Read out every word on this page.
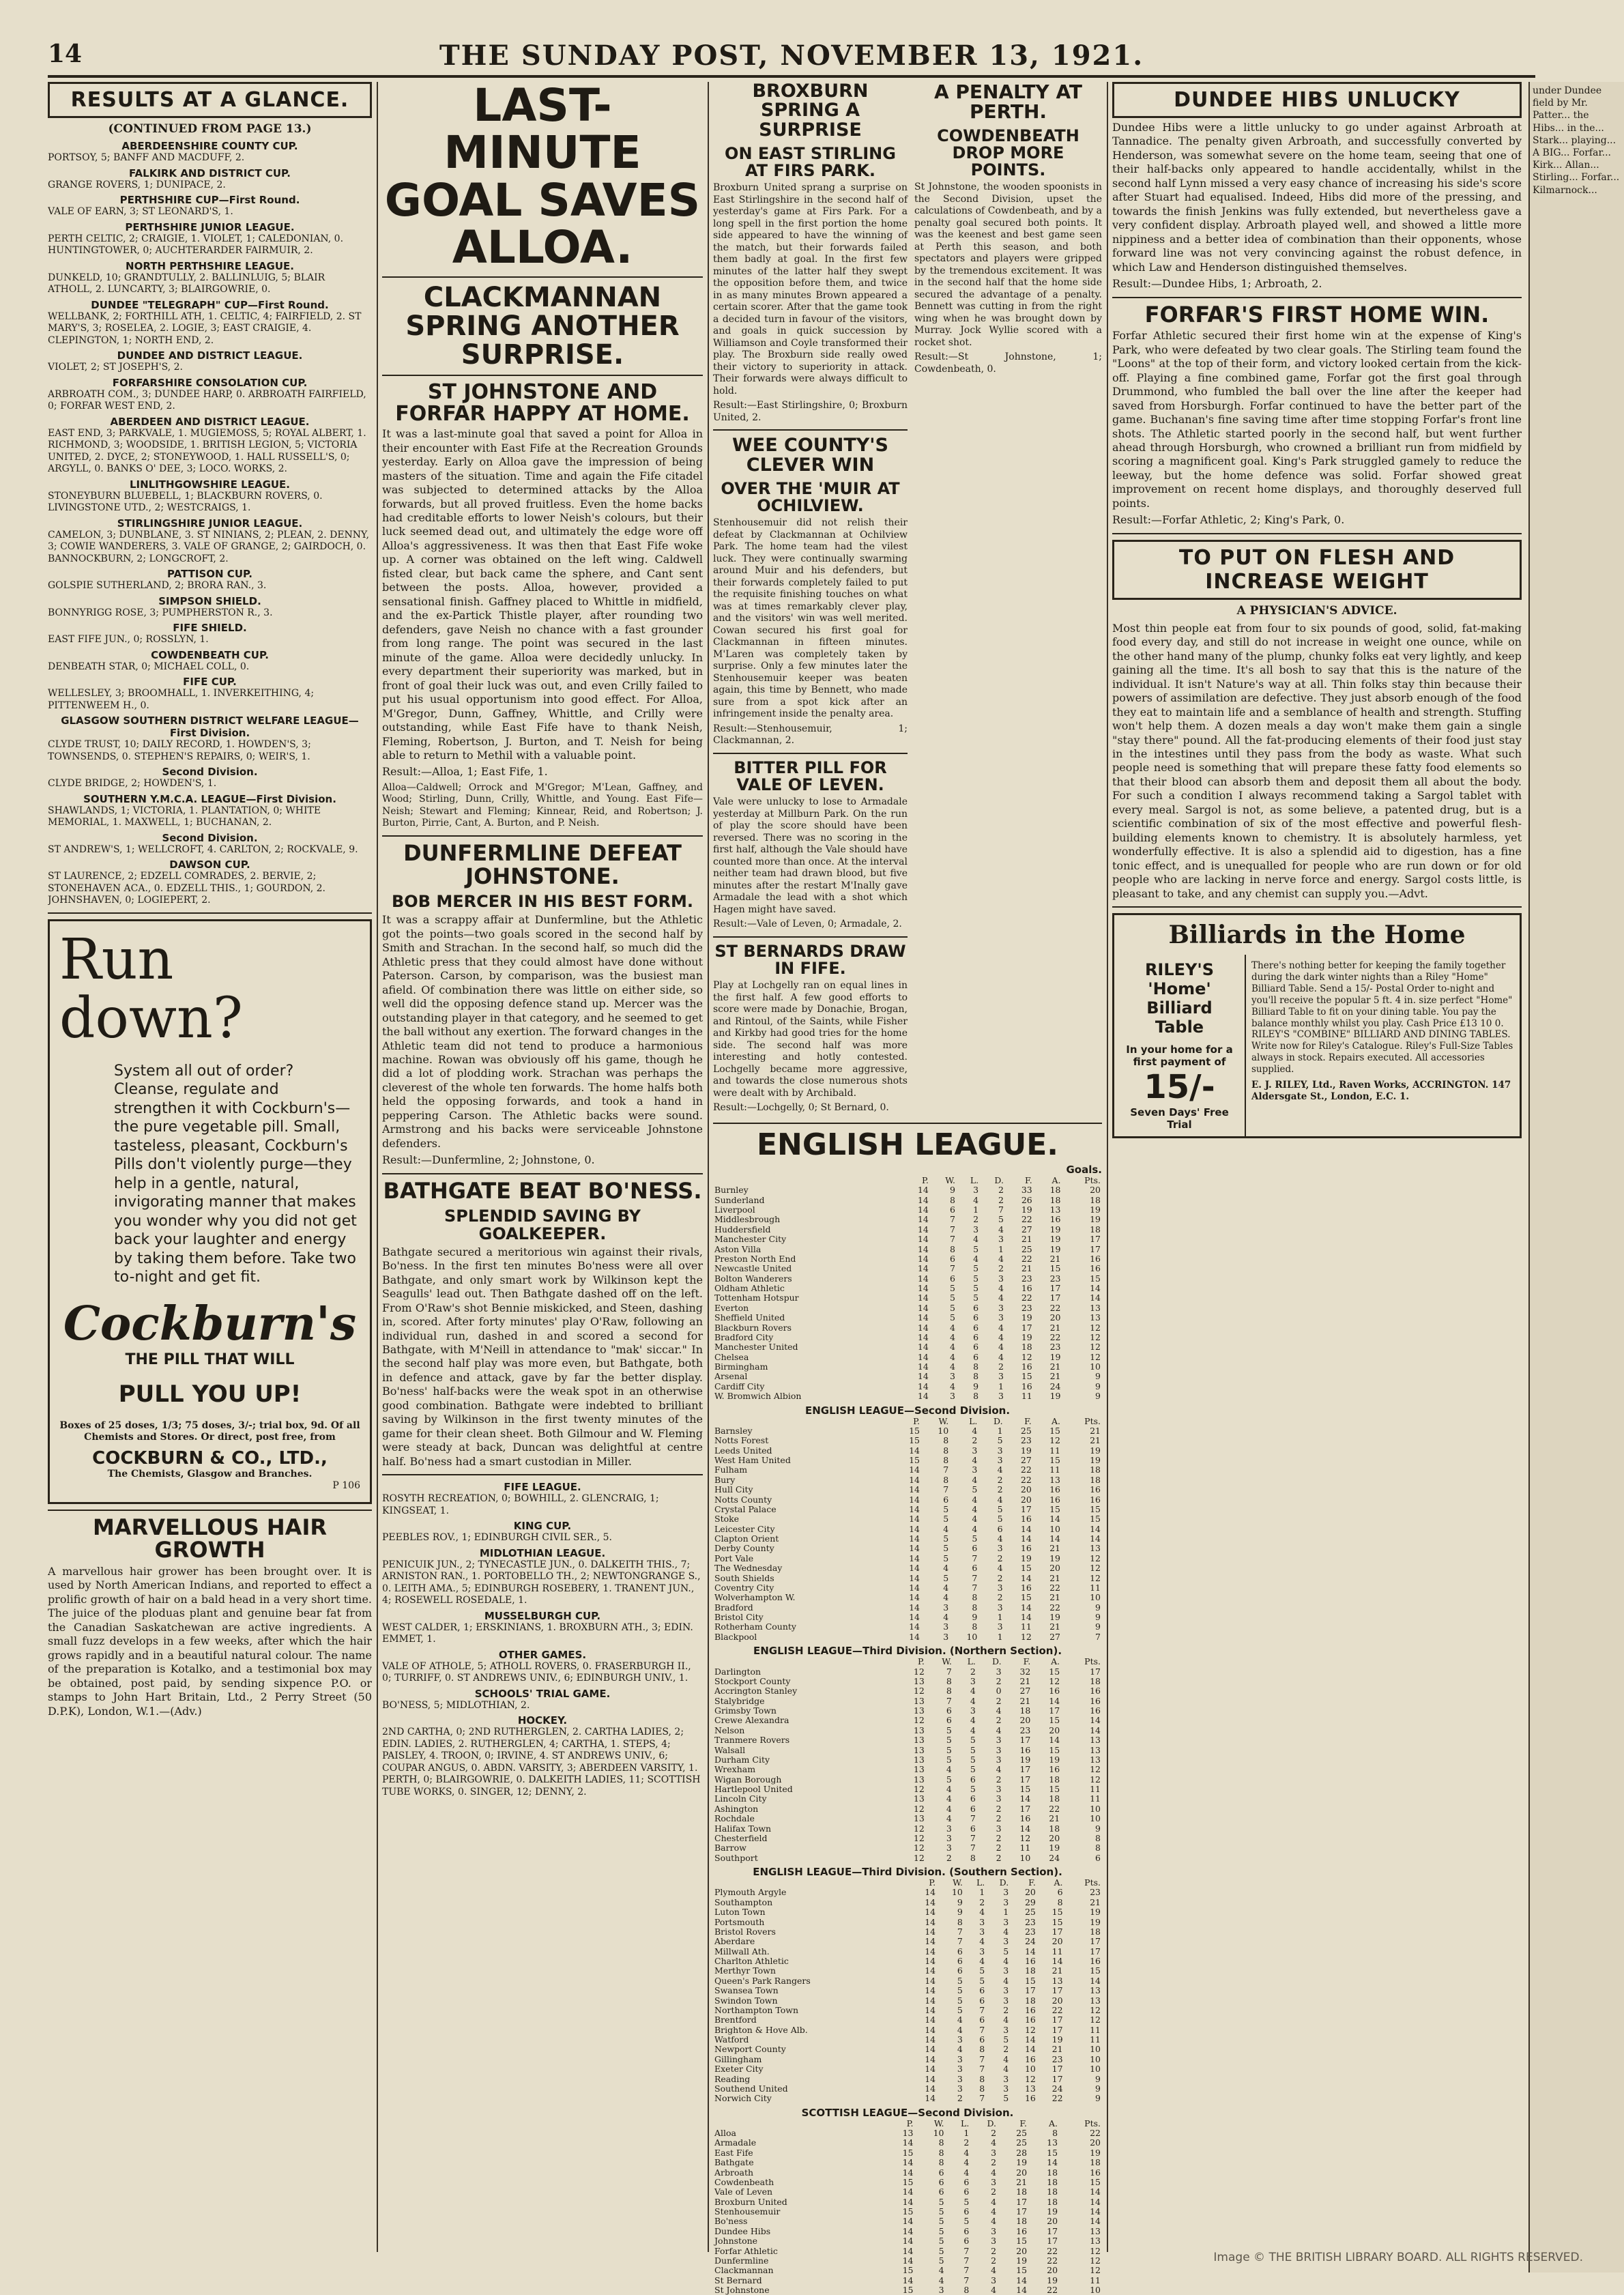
14	THE SUNDAY POST, NOVEMBER 13, 1921.
RESULTS AT A GLANCE.
(CONTINUED FROM PAGE 13.)
ABERDEENSHIRE COUNTY CUP.
PORTSOY, 5; BANFF AND MACDUFF, 2.
FALKIRK AND DISTRICT CUP.
GRANGE ROVERS, 1; DUNIPACE, 2.
PERTHSHIRE CUP—First Round.
VALE OF EARN, 3; ST LEONARD'S, 1.
PERTHSHIRE JUNIOR LEAGUE.
PERTH CELTIC, 2; CRAIGIE, 1. VIOLET, 1; CALEDONIAN, 0. HUNTINGTOWER, 0; AUCHTERARDER FAIRMUIR, 2.
NORTH PERTHSHIRE LEAGUE.
DUNKELD, 10; GRANDTULLY, 2. BALLINLUIG, 5; BLAIR ATHOLL, 2. LUNCARTY, 3; BLAIRGOWRIE, 0.
DUNDEE "TELEGRAPH" CUP—First Round.
WELLBANK, 2; FORTHILL ATH, 1. CELTIC, 4; FAIRFIELD, 2. ST MARY'S, 3; ROSELEA, 2. LOGIE, 3; EAST CRAIGIE, 4. CLEPINGTON, 1; NORTH END, 2.
DUNDEE AND DISTRICT LEAGUE.
VIOLET, 2; ST JOSEPH'S, 2.
FORFARSHIRE CONSOLATION CUP.
ARBROATH COM., 3; DUNDEE HARP, 0. ARBROATH FAIRFIELD, 0; FORFAR WEST END, 2.
ABERDEEN AND DISTRICT LEAGUE.
EAST END, 3; PARKVALE, 1. MUGIEMOSS, 5; ROYAL ALBERT, 1. RICHMOND, 3; WOODSIDE, 1. BRITISH LEGION, 5; VICTORIA UNITED, 2. DYCE, 2; STONEYWOOD, 1. HALL RUSSELL'S, 0; ARGYLL, 0. BANKS O' DEE, 3; LOCO. WORKS, 2.
LINLITHGOWSHIRE LEAGUE.
STONEYBURN BLUEBELL, 1; BLACKBURN ROVERS, 0. LIVINGSTONE UTD., 2; WESTCRAIGS, 1.
STIRLINGSHIRE JUNIOR LEAGUE.
CAMELON, 3; DUNBLANE, 3. ST NINIANS, 2; PLEAN, 2. DENNY, 3; COWIE WANDERERS, 3. VALE OF GRANGE, 2; GAIRDOCH, 0. BANNOCKBURN, 2; LONGCROFT, 2.
PATTISON CUP.
GOLSPIE SUTHERLAND, 2; BRORA RAN., 3.
SIMPSON SHIELD.
BONNYRIGG ROSE, 3; PUMPHERSTON R., 3.
FIFE SHIELD.
EAST FIFE JUN., 0; ROSSLYN, 1.
COWDENBEATH CUP.
DENBEATH STAR, 0; MICHAEL COLL, 0.
FIFE CUP.
WELLESLEY, 3; BROOMHALL, 1. INVERKEITHING, 4; PITTENWEEM H., 0.
GLASGOW SOUTHERN DISTRICT WELFARE LEAGUE—First Division.
CLYDE TRUST, 10; DAILY RECORD, 1. HOWDEN'S, 3; TOWNSENDS, 0. STEPHEN'S REPAIRS, 0; WEIR'S, 1.
Second Division.
CLYDE BRIDGE, 2; HOWDEN'S, 1.
SOUTHERN Y.M.C.A. LEAGUE—First Division.
SHAWLANDS, 1; VICTORIA, 1. PLANTATION, 0; WHITE MEMORIAL, 1. MAXWELL, 1; BUCHANAN, 2.
Second Division.
ST ANDREW'S, 1; WELLCROFT, 4. CARLTON, 2; ROCKVALE, 9.
DAWSON CUP.
ST LAURENCE, 2; EDZELL COMRADES, 2. BERVIE, 2; STONEHAVEN ACA., 0. EDZELL THIS., 1; GOURDON, 2. JOHNSHAVEN, 0; LOGIEPERT, 2.
Run down?
System all out of order? Cleanse, regulate and strengthen it with Cockburn's—the pure vegetable pill. Small, tasteless, pleasant, Cockburn's Pills don't violently purge—they help in a gentle, natural, invigorating manner that makes you wonder why you did not get back your laughter and energy by taking them before. Take two to-night and get fit.
Cockburn's
THE PILL THAT WILL
PULL YOU UP!
Boxes of 25 doses, 1/3; 75 doses, 3/-; trial box, 9d. Of all Chemists and Stores. Or direct, post free, from
COCKBURN & CO., LTD.,
The Chemists, Glasgow and Branches.
P 106
MARVELLOUS HAIR GROWTH
A marvellous hair grower has been brought over. It is used by North American Indians, and reported to effect a prolific growth of hair on a bald head in a very short time. The juice of the ploduas plant and genuine bear fat from the Canadian Saskatchewan are active ingredients. A small fuzz develops in a few weeks, after which the hair grows rapidly and in a beautiful natural colour. The name of the preparation is Kotalko, and a testimonial box may be obtained, post paid, by sending sixpence P.O. or stamps to John Hart Britain, Ltd., 2 Perry Street (50 D.P.K), London, W.1.—(Adv.)
LAST-MINUTE GOAL SAVES ALLOA.
CLACKMANNAN SPRING ANOTHER SURPRISE.
ST JOHNSTONE AND FORFAR HAPPY AT HOME.
It was a last-minute goal that saved a point for Alloa in their encounter with East Fife at the Recreation Grounds yesterday. Early on Alloa gave the impression of being masters of the situation. Time and again the Fife citadel was subjected to determined attacks by the Alloa forwards, but all proved fruitless. Even the home backs had creditable efforts to lower Neish's colours, but their luck seemed dead out, and ultimately the edge wore off Alloa's aggressiveness. It was then that East Fife woke up. A corner was obtained on the left wing. Caldwell fisted clear, but back came the sphere, and Cant sent between the posts. Alloa, however, provided a sensational finish. Gaffney placed to Whittle in midfield, and the ex-Partick Thistle player, after rounding two defenders, gave Neish no chance with a fast grounder from long range. The point was secured in the last minute of the game. Alloa were decidedly unlucky. In every department their superiority was marked, but in front of goal their luck was out, and even Crilly failed to put his usual opportunism into good effect. For Alloa, M'Gregor, Dunn, Gaffney, Whittle, and Crilly were outstanding, while East Fife have to thank Neish, Fleming, Robertson, J. Burton, and T. Neish for being able to return to Methil with a valuable point.
Result:—Alloa, 1; East Fife, 1.
Alloa—Caldwell; Orrock and M'Gregor; M'Lean, Gaffney, and Wood; Stirling, Dunn, Crilly, Whittle, and Young. East Fife—Neish; Stewart and Fleming; Kinnear, Reid, and Robertson; J. Burton, Pirrie, Cant, A. Burton, and P. Neish.
DUNFERMLINE DEFEAT JOHNSTONE.
BOB MERCER IN HIS BEST FORM.
It was a scrappy affair at Dunfermline, but the Athletic got the points—two goals scored in the second half by Smith and Strachan. In the second half, so much did the Athletic press that they could almost have done without Paterson. Carson, by comparison, was the busiest man afield. Of combination there was little on either side, so well did the opposing defence stand up. Mercer was the outstanding player in that category, and he seemed to get the ball without any exertion. The forward changes in the Athletic team did not tend to produce a harmonious machine. Rowan was obviously off his game, though he did a lot of plodding work. Strachan was perhaps the cleverest of the whole ten forwards. The home halfs both held the opposing forwards, and took a hand in peppering Carson. The Athletic backs were sound. Armstrong and his backs were serviceable Johnstone defenders.
Result:—Dunfermline, 2; Johnstone, 0.
BATHGATE BEAT BO'NESS.
SPLENDID SAVING BY GOALKEEPER.
Bathgate secured a meritorious win against their rivals, Bo'ness. In the first ten minutes Bo'ness were all over Bathgate, and only smart work by Wilkinson kept the Seagulls' lead out. Then Bathgate dashed off on the left. From O'Raw's shot Bennie miskicked, and Steen, dashing in, scored. After forty minutes' play O'Raw, following an individual run, dashed in and scored a second for Bathgate, with M'Neill in attendance to "mak' siccar." In the second half play was more even, but Bathgate, both in defence and attack, gave by far the better display. Bo'ness' half-backs were the weak spot in an otherwise good combination. Bathgate were indebted to brilliant saving by Wilkinson in the first twenty minutes of the game for their clean sheet. Both Gilmour and W. Fleming were steady at back, Duncan was delightful at centre half. Bo'ness had a smart custodian in Miller.
FIFE LEAGUE.
ROSYTH RECREATION, 0; BOWHILL, 2. GLENCRAIG, 1; KINGSEAT, 1.
KING CUP.
PEEBLES ROV., 1; EDINBURGH CIVIL SER., 5.
MIDLOTHIAN LEAGUE.
PENICUIK JUN., 2; TYNECASTLE JUN., 0. DALKEITH THIS., 7; ARNISTON RAN., 1. PORTOBELLO TH., 2; NEWTONGRANGE S., 0. LEITH AMA., 5; EDINBURGH ROSEBERY, 1. TRANENT JUN., 4; ROSEWELL ROSEDALE, 1.
MUSSELBURGH CUP.
WEST CALDER, 1; ERSKINIANS, 1. BROXBURN ATH., 3; EDIN. EMMET, 1.
OTHER GAMES.
VALE OF ATHOLE, 5; ATHOLL ROVERS, 0. FRASERBURGH II., 0; TURRIFF, 0. ST ANDREWS UNIV., 6; EDINBURGH UNIV., 1.
SCHOOLS' TRIAL GAME.
BO'NESS, 5; MIDLOTHIAN, 2.
HOCKEY.
2ND CARTHA, 0; 2ND RUTHERGLEN, 2. CARTHA LADIES, 2; EDIN. LADIES, 2. RUTHERGLEN, 4; CARTHA, 1. STEPS, 4; PAISLEY, 4. TROON, 0; IRVINE, 4. ST ANDREWS UNIV., 6; COUPAR ANGUS, 0. ABDN. VARSITY, 3; ABERDEEN VARSITY, 1. PERTH, 0; BLAIRGOWRIE, 0. DALKEITH LADIES, 11; SCOTTISH TUBE WORKS, 0. SINGER, 12; DENNY, 2.
BROXBURN SPRING A SURPRISE
ON EAST STIRLING AT FIRS PARK.
Broxburn United sprang a surprise on East Stirlingshire in the second half of yesterday's game at Firs Park. For a long spell in the first portion the home side appeared to have the winning of the match, but their forwards failed them badly at goal. In the first few minutes of the latter half they swept the opposition before them, and twice in as many minutes Brown appeared a certain scorer. After that the game took a decided turn in favour of the visitors, and goals in quick succession by Williamson and Coyle transformed their play. The Broxburn side really owed their victory to superiority in attack. Their forwards were always difficult to hold.
Result:—East Stirlingshire, 0; Broxburn United, 2.
WEE COUNTY'S CLEVER WIN
OVER THE 'MUIR AT OCHILVIEW.
Stenhousemuir did not relish their defeat by Clackmannan at Ochilview Park. The home team had the vilest luck. They were continually swarming around Muir and his defenders, but their forwards completely failed to put the requisite finishing touches on what was at times remarkably clever play, and the visitors' win was well merited. Cowan secured his first goal for Clackmannan in fifteen minutes. M'Laren was completely taken by surprise. Only a few minutes later the Stenhousemuir keeper was beaten again, this time by Bennett, who made sure from a spot kick after an infringement inside the penalty area.
Result:—Stenhousemuir, 1; Clackmannan, 2.
BITTER PILL FOR VALE OF LEVEN.
Vale were unlucky to lose to Armadale yesterday at Millburn Park. On the run of play the score should have been reversed. There was no scoring in the first half, although the Vale should have counted more than once. At the interval neither team had drawn blood, but five minutes after the restart M'Inally gave Armadale the lead with a shot which Hagen might have saved.
Result:—Vale of Leven, 0; Armadale, 2.
ST BERNARDS DRAW IN FIFE.
Play at Lochgelly ran on equal lines in the first half. A few good efforts to score were made by Donachie, Brogan, and Rintoul, of the Saints, while Fisher and Kirkby had good tries for the home side. The second half was more interesting and hotly contested. Lochgelly became more aggressive, and towards the close numerous shots were dealt with by Archibald.
Result:—Lochgelly, 0; St Bernard, 0.
A PENALTY AT PERTH.
COWDENBEATH DROP MORE POINTS.
St Johnstone, the wooden spoonists in the Second Division, upset the calculations of Cowdenbeath, and by a penalty goal secured both points. It was the keenest and best game seen at Perth this season, and both spectators and players were gripped by the tremendous excitement. It was in the second half that the home side secured the advantage of a penalty. Bennett was cutting in from the right wing when he was brought down by Murray. Jock Wyllie scored with a rocket shot.
Result:—St Johnstone, 1; Cowdenbeath, 0.
ENGLISH LEAGUE.
Goals.
	P.	W.	L.	D.	F.	A.	Pts.
Burnley	14	9	3	2	33	18	20
Sunderland	14	8	4	2	26	18	18
Liverpool	14	6	1	7	19	13	19
Middlesbrough	14	7	2	5	22	16	19
Huddersfield	14	7	3	4	27	19	18
Manchester City	14	7	4	3	21	19	17
Aston Villa	14	8	5	1	25	19	17
Preston North End	14	6	4	4	22	21	16
Newcastle United	14	7	5	2	21	15	16
Bolton Wanderers	14	6	5	3	23	23	15
Oldham Athletic	14	5	5	4	16	17	14
Tottenham Hotspur	14	5	5	4	22	17	14
Everton	14	5	6	3	23	22	13
Sheffield United	14	5	6	3	19	20	13
Blackburn Rovers	14	4	6	4	17	21	12
Bradford City	14	4	6	4	19	22	12
Manchester United	14	4	6	4	18	23	12
Chelsea	14	4	6	4	12	19	12
Birmingham	14	4	8	2	16	21	10
Arsenal	14	3	8	3	15	21	9
Cardiff City	14	4	9	1	16	24	9
W. Bromwich Albion	14	3	8	3	11	19	9
ENGLISH LEAGUE—Second Division.
	P.	W.	L.	D.	F.	A.	Pts.
Barnsley	15	10	4	1	25	15	21
Notts Forest	15	8	2	5	23	12	21
Leeds United	14	8	3	3	19	11	19
West Ham United	15	8	4	3	27	15	19
Fulham	14	7	3	4	22	11	18
Bury	14	8	4	2	22	13	18
Hull City	14	7	5	2	20	16	16
Notts County	14	6	4	4	20	16	16
Crystal Palace	14	5	4	5	17	15	15
Stoke	14	5	4	5	16	14	15
Leicester City	14	4	4	6	14	10	14
Clapton Orient	14	5	5	4	14	14	14
Derby County	14	5	6	3	16	21	13
Port Vale	14	5	7	2	19	19	12
The Wednesday	14	4	6	4	15	20	12
South Shields	14	5	7	2	14	21	12
Coventry City	14	4	7	3	16	22	11
Wolverhampton W.	14	4	8	2	15	21	10
Bradford	14	3	8	3	14	22	9
Bristol City	14	4	9	1	14	19	9
Rotherham County	14	3	8	3	11	21	9
Blackpool	14	3	10	1	12	27	7
ENGLISH LEAGUE—Third Division. (Northern Section).
	P.	W.	L.	D.	F.	A.	Pts.
Darlington	12	7	2	3	32	15	17
Stockport County	13	8	3	2	21	12	18
Accrington Stanley	12	8	4	0	27	16	16
Stalybridge	13	7	4	2	21	14	16
Grimsby Town	13	6	3	4	18	17	16
Crewe Alexandra	12	6	4	2	20	15	14
Nelson	13	5	4	4	23	20	14
Tranmere Rovers	13	5	5	3	17	14	13
Walsall	13	5	5	3	16	15	13
Durham City	13	5	5	3	19	19	13
Wrexham	13	4	5	4	17	16	12
Wigan Borough	13	5	6	2	17	18	12
Hartlepool United	12	4	5	3	15	15	11
Lincoln City	13	4	6	3	14	18	11
Ashington	12	4	6	2	17	22	10
Rochdale	13	4	7	2	16	21	10
Halifax Town	12	3	6	3	14	18	9
Chesterfield	12	3	7	2	12	20	8
Barrow	12	3	7	2	11	19	8
Southport	12	2	8	2	10	24	6
ENGLISH LEAGUE—Third Division. (Southern Section).
	P.	W.	L.	D.	F.	A.	Pts.
Plymouth Argyle	14	10	1	3	20	6	23
Southampton	14	9	2	3	29	8	21
Luton Town	14	9	4	1	25	15	19
Portsmouth	14	8	3	3	23	15	19
Bristol Rovers	14	7	3	4	23	17	18
Aberdare	14	7	4	3	24	20	17
Millwall Ath.	14	6	3	5	14	11	17
Charlton Athletic	14	6	4	4	16	14	16
Merthyr Town	14	6	5	3	18	21	15
Queen's Park Rangers	14	5	5	4	15	13	14
Swansea Town	14	5	6	3	17	17	13
Swindon Town	14	5	6	3	18	20	13
Northampton Town	14	5	7	2	16	22	12
Brentford	14	4	6	4	16	17	12
Brighton & Hove Alb.	14	4	7	3	12	17	11
Watford	14	3	6	5	14	19	11
Newport County	14	4	8	2	14	21	10
Gillingham	14	3	7	4	16	23	10
Exeter City	14	3	7	4	10	17	10
Reading	14	3	8	3	12	17	9
Southend United	14	3	8	3	13	24	9
Norwich City	14	2	7	5	16	22	9
SCOTTISH LEAGUE—Second Division.
	P.	W.	L.	D.	F.	A.	Pts.
Alloa	13	10	1	2	25	8	22
Armadale	14	8	2	4	25	13	20
East Fife	15	8	4	3	28	15	19
Bathgate	14	8	4	2	19	14	18
Arbroath	14	6	4	4	20	18	16
Cowdenbeath	15	6	6	3	21	18	15
Vale of Leven	14	6	6	2	18	18	14
Broxburn United	14	5	5	4	17	18	14
Stenhousemuir	15	5	6	4	17	19	14
Bo'ness	14	5	5	4	18	20	14
Dundee Hibs	14	5	6	3	16	17	13
Johnstone	14	5	6	3	15	17	13
Forfar Athletic	14	5	7	2	20	22	12
Dunfermline	14	5	7	2	19	22	12
Clackmannan	15	4	7	4	15	20	12
St Bernard	14	4	7	3	14	19	11
St Johnstone	15	3	8	4	14	22	10
DUNDEE HIBS UNLUCKY
Dundee Hibs were a little unlucky to go under against Arbroath at Tannadice. The penalty given Arbroath, and successfully converted by Henderson, was somewhat severe on the home team, seeing that one of their half-backs only appeared to handle accidentally, whilst in the second half Lynn missed a very easy chance of increasing his side's score after Stuart had equalised. Indeed, Hibs did more of the pressing, and towards the finish Jenkins was fully extended, but nevertheless gave a very confident display. Arbroath played well, and showed a little more nippiness and a better idea of combination than their opponents, whose forward line was not very convincing against the robust defence, in which Law and Henderson distinguished themselves.
Result:—Dundee Hibs, 1; Arbroath, 2.
FORFAR'S FIRST HOME WIN.
Forfar Athletic secured their first home win at the expense of King's Park, who were defeated by two clear goals. The Stirling team found the "Loons" at the top of their form, and victory looked certain from the kick-off. Playing a fine combined game, Forfar got the first goal through Drummond, who fumbled the ball over the line after the keeper had saved from Horsburgh. Forfar continued to have the better part of the game. Buchanan's fine saving time after time stopping Forfar's front line shots. The Athletic started poorly in the second half, but went further ahead through Horsburgh, who crowned a brilliant run from midfield by scoring a magnificent goal. King's Park struggled gamely to reduce the leeway, but the home defence was solid. Forfar showed great improvement on recent home displays, and thoroughly deserved full points.
Result:—Forfar Athletic, 2; King's Park, 0.
TO PUT ON FLESH AND INCREASE WEIGHT
A PHYSICIAN'S ADVICE.
Most thin people eat from four to six pounds of good, solid, fat-making food every day, and still do not increase in weight one ounce, while on the other hand many of the plump, chunky folks eat very lightly, and keep gaining all the time. It's all bosh to say that this is the nature of the individual. It isn't Nature's way at all. Thin folks stay thin because their powers of assimilation are defective. They just absorb enough of the food they eat to maintain life and a semblance of health and strength. Stuffing won't help them. A dozen meals a day won't make them gain a single "stay there" pound. All the fat-producing elements of their food just stay in the intestines until they pass from the body as waste. What such people need is something that will prepare these fatty food elements so that their blood can absorb them and deposit them all about the body. For such a condition I always recommend taking a Sargol tablet with every meal. Sargol is not, as some believe, a patented drug, but is a scientific combination of six of the most effective and powerful flesh-building elements known to chemistry. It is absolutely harmless, yet wonderfully effective. It is also a splendid aid to digestion, has a fine tonic effect, and is unequalled for people who are run down or for old people who are lacking in nerve force and energy. Sargol costs little, is pleasant to take, and any chemist can supply you.—Advt.
Billiards in the Home
RILEY'S 'Home' Billiard Table
In your home for a first payment of
15/-
Seven Days' Free Trial
There's nothing better for keeping the family together during the dark winter nights than a Riley "Home" Billiard Table. Send a 15/- Postal Order to-night and you'll receive the popular 5 ft. 4 in. size perfect "Home" Billiard Table to fit on your dining table. You pay the balance monthly whilst you play. Cash Price £13 10 0. RILEY'S "COMBINE" BILLIARD AND DINING TABLES. Write now for Riley's Catalogue. Riley's Full-Size Tables always in stock. Repairs executed. All accessories supplied.
E. J. RILEY, Ltd., Raven Works, ACCRINGTON. 147 Aldersgate St., London, E.C. 1.
under Dundee field by Mr. Patter... the Hibs... in the... Stark... playing... A BIG... Forfar... Kirk... Allan... Stirling... Forfar... Kilmarnock...
Image © THE BRITISH LIBRARY BOARD. ALL RIGHTS RESERVED.
